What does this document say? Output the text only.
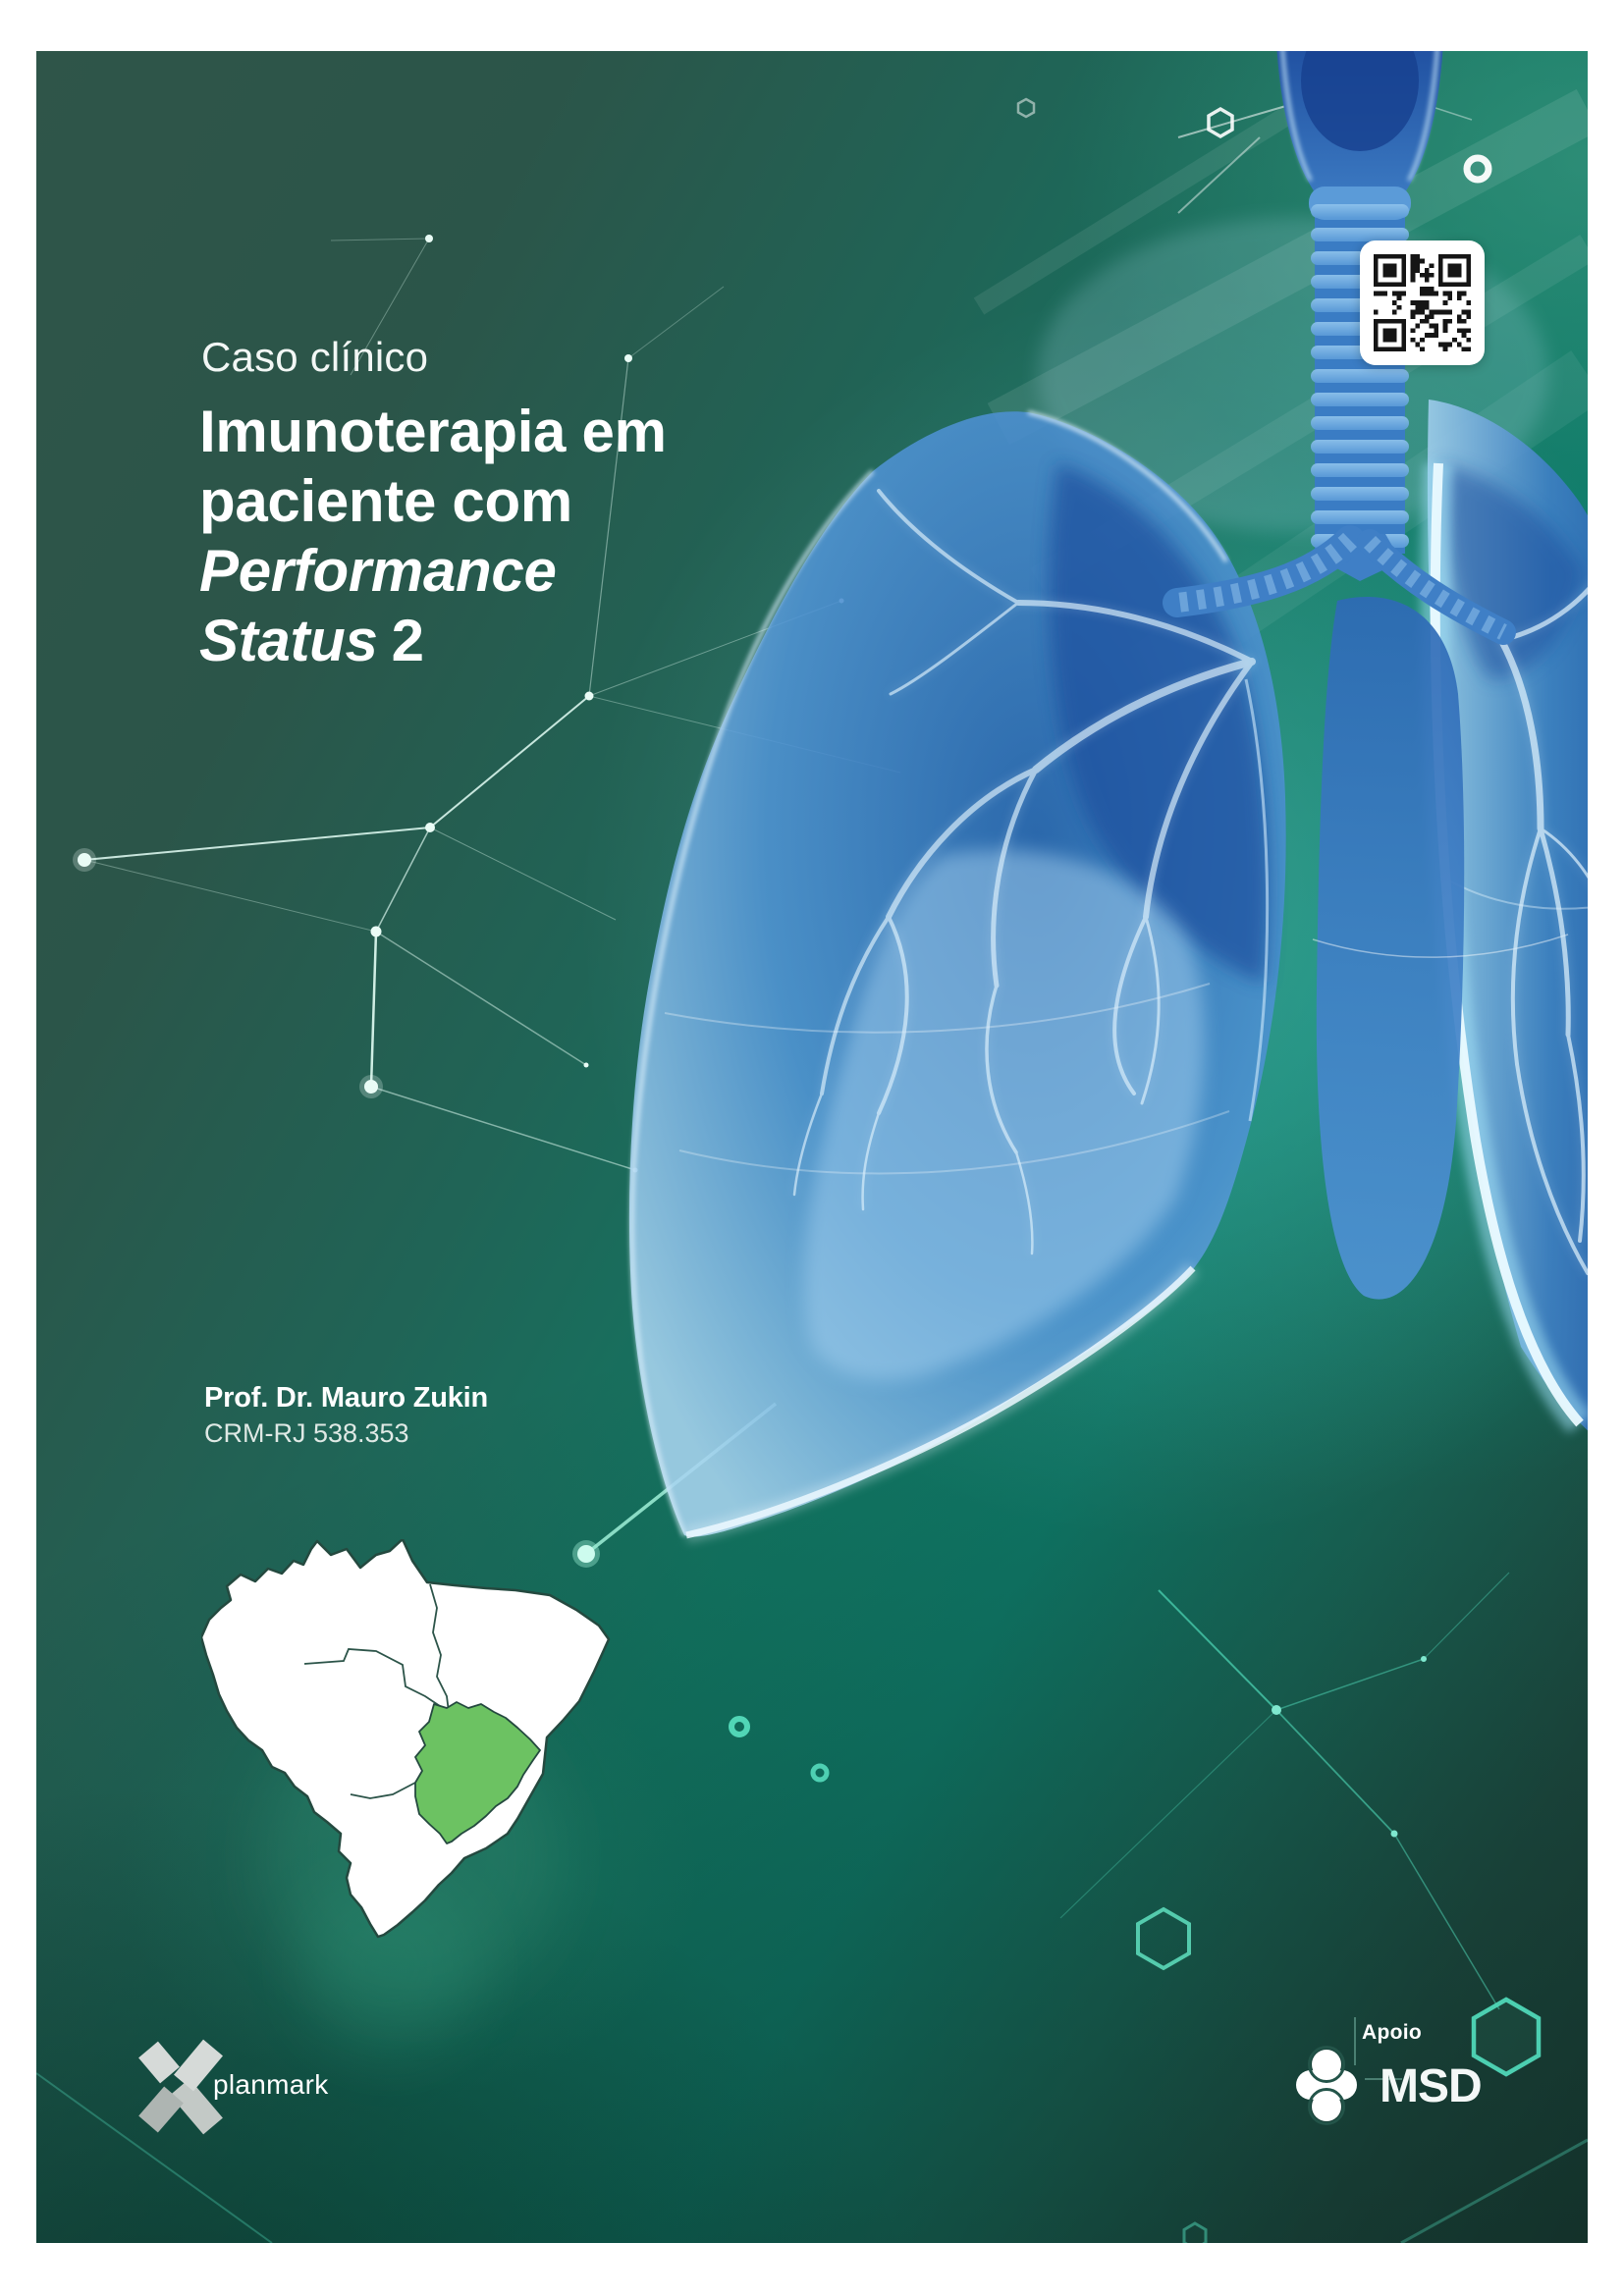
Caso clínico
Imunoterapia em
paciente com
Performance
Status 2
Prof. Dr. Mauro Zukin
CRM-RJ 538.353
planmark
Apoio
MSD
